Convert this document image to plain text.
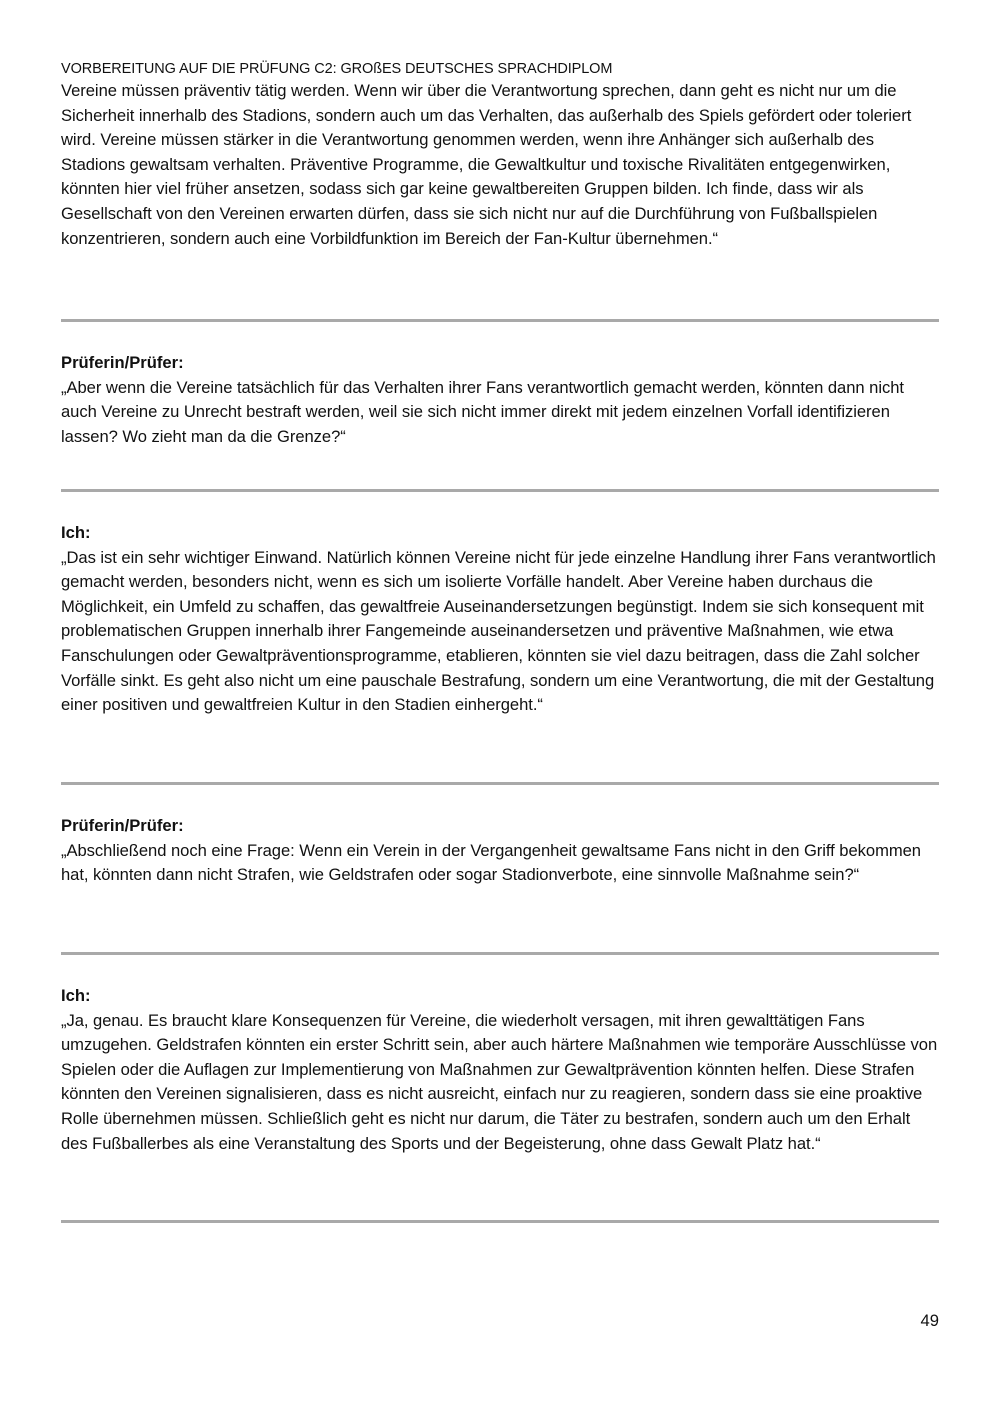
VORBEREITUNG AUF DIE PRÜFUNG C2: GROßES DEUTSCHES SPRACHDIPLOM

Vereine müssen präventiv tätig werden. Wenn wir über die Verantwortung sprechen, dann geht es nicht nur um die Sicherheit innerhalb des Stadions, sondern auch um das Verhalten, das außerhalb des Spiels gefördert oder toleriert wird. Vereine müssen stärker in die Verantwortung genommen werden, wenn ihre Anhänger sich außerhalb des Stadions gewaltsam verhalten. Präventive Programme, die Gewaltkultur und toxische Rivalitäten entgegenwirken, könnten hier viel früher ansetzen, sodass sich gar keine gewaltbereiten Gruppen bilden. Ich finde, dass wir als Gesellschaft von den Vereinen erwarten dürfen, dass sie sich nicht nur auf die Durchführung von Fußballspielen konzentrieren, sondern auch eine Vorbildfunktion im Bereich der Fan-Kultur übernehmen.“

Prüferin/Prüfer:

„Aber wenn die Vereine tatsächlich für das Verhalten ihrer Fans verantwortlich gemacht werden, könnten dann nicht auch Vereine zu Unrecht bestraft werden, weil sie sich nicht immer direkt mit jedem einzelnen Vorfall identifizieren lassen? Wo zieht man da die Grenze?“

Ich:

„Das ist ein sehr wichtiger Einwand. Natürlich können Vereine nicht für jede einzelne Handlung ihrer Fans verantwortlich gemacht werden, besonders nicht, wenn es sich um isolierte Vorfälle handelt. Aber Vereine haben durchaus die Möglichkeit, ein Umfeld zu schaffen, das gewaltfreie Auseinandersetzungen begünstigt. Indem sie sich konsequent mit problematischen Gruppen innerhalb ihrer Fangemeinde auseinandersetzen und präventive Maßnahmen, wie etwa Fanschulungen oder Gewaltpräventionsprogramme, etablieren, könnten sie viel dazu beitragen, dass die Zahl solcher Vorfälle sinkt. Es geht also nicht um eine pauschale Bestrafung, sondern um eine Verantwortung, die mit der Gestaltung einer positiven und gewaltfreien Kultur in den Stadien einhergeht.“

Prüferin/Prüfer:

„Abschließend noch eine Frage: Wenn ein Verein in der Vergangenheit gewaltsame Fans nicht in den Griff bekommen hat, könnten dann nicht Strafen, wie Geldstrafen oder sogar Stadionverbote, eine sinnvolle Maßnahme sein?“

Ich:

„Ja, genau. Es braucht klare Konsequenzen für Vereine, die wiederholt versagen, mit ihren gewalttätigen Fans umzugehen. Geldstrafen könnten ein erster Schritt sein, aber auch härtere Maßnahmen wie temporäre Ausschlüsse von Spielen oder die Auflagen zur Implementierung von Maßnahmen zur Gewaltprävention könnten helfen. Diese Strafen könnten den Vereinen signalisieren, dass es nicht ausreicht, einfach nur zu reagieren, sondern dass sie eine proaktive Rolle übernehmen müssen. Schließlich geht es nicht nur darum, die Täter zu bestrafen, sondern auch um den Erhalt des Fußballerbes als eine Veranstaltung des Sports und der Begeisterung, ohne dass Gewalt Platz hat.“

49
